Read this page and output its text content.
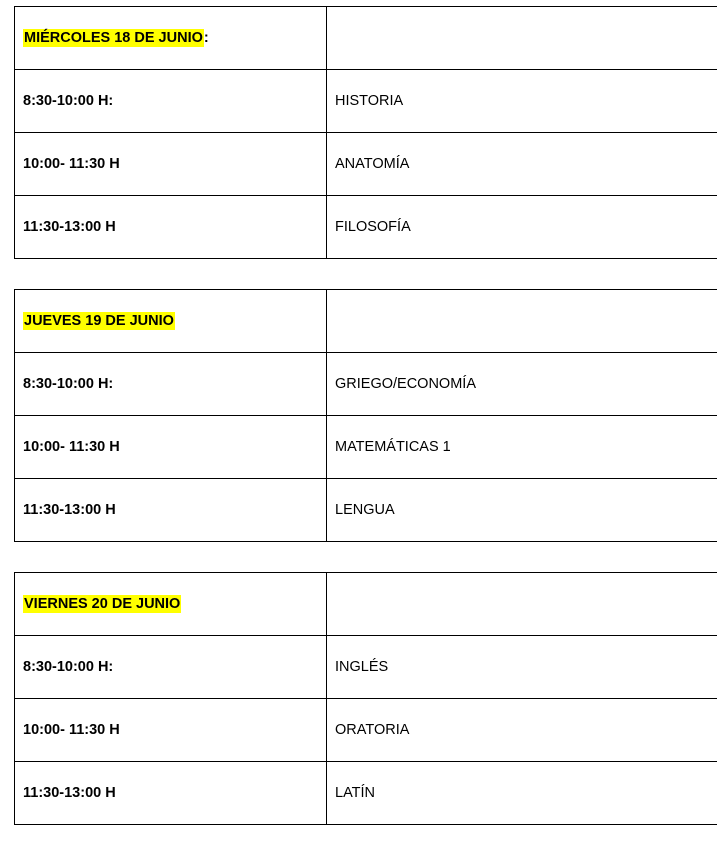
MIÉRCOLES 18 DE JUNIO:	
8:30-10:00 H:	HISTORIA
10:00- 11:30 H	ANATOMÍA
11:30-13:00 H	FILOSOFÍA
JUEVES 19 DE JUNIO	
8:30-10:00 H:	GRIEGO/ECONOMÍA
10:00- 11:30 H	MATEMÁTICAS 1
11:30-13:00 H	LENGUA
VIERNES 20 DE JUNIO	
8:30-10:00 H:	INGLÉS
10:00- 11:30 H	ORATORIA
11:30-13:00 H	LATÍN
